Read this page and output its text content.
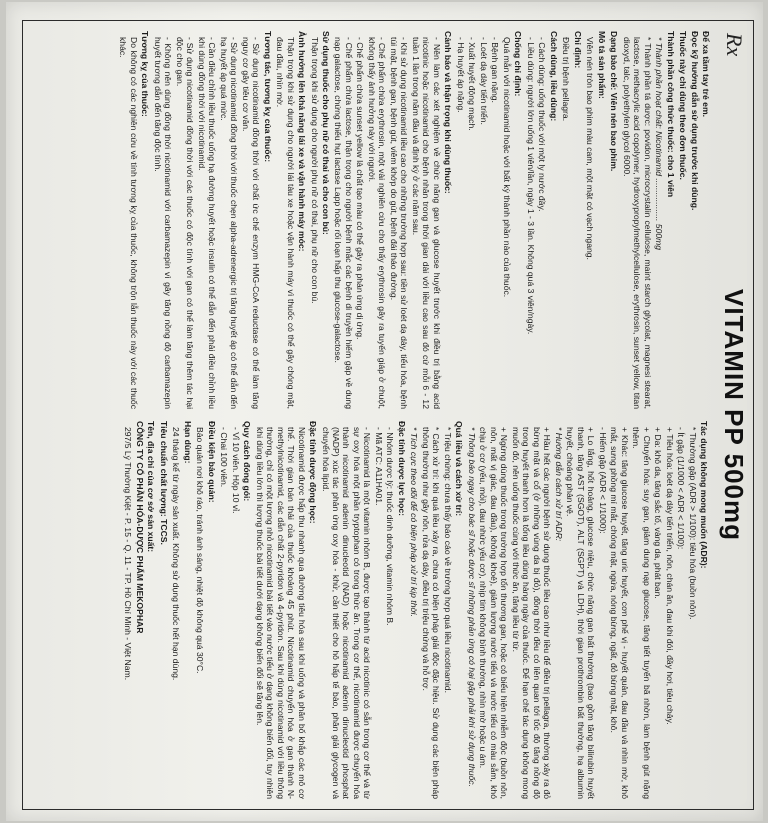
Rx
VITAMIN PP 500mg

Để xa tầm tay trẻ em.

Đọc kỹ hướng dẫn sử dụng trước khi dùng.

Thuốc này chỉ dùng theo đơn thuốc.

Thành phần công thức thuốc: cho 1 viên

* Thành phần hoạt chất: Nicotinamid .................. 500mg

* Thành phần tá dược: povidon, microcrystalin cellulose, maint starch glycolat, magnesi stearat, lactose, methacrylic acid copolymer, hydroxypropylmethylcellulose, erythrosin, sunset yellow, titan dioxyd, talc, polyethylen glycol 6000.

Dạng bào chế: Viên nén bao phim.

Mô tả sản phẩm:

Viên nén tròn bao phim màu cam, một mặt có vạch ngang.

Chỉ định:

Điều trị bệnh pellagra.

Cách dùng, liều dùng:

- Cách dùng: uống thuốc với một ly nước đầy.

- Liều dùng: người lớn uống 1 viên/lần, ngày 1 - 3 lần. Không quá 3 viên/ngày.

Chống chỉ định:

Quá mẫn với nicotinamid hoặc với bất kỳ thành phần nào của thuốc.

- Bệnh gan nặng.

- Loét dạ dày tiến triển.

- Xuất huyết động mạch.

- Hạ huyết áp nặng.

Cảnh báo và thận trọng khi dùng thuốc:

- Nên làm các xét nghiệm về chức năng gan và glucose huyết trước khi điều trị bằng acid nicotinic hoặc nicotinamid cho bệnh nhân trong thời gian dài với liều cao sau đó cứ mỗi 6 - 12 tuần 1 lần trong năm đầu và định kỳ ở các năm sau.

- Khi sử dụng nicotinamid liều cao cho những trường hợp sau: tiền sử loét dạ dày, tiểu hóa, bệnh túi mật, bệnh gan, bệnh gút, viêm khớp do gút, bệnh đái tháo đường.

- Chế phẩm chứa erythrosin, một vài nghiên cứu cho thấy erythrosin gây ra tuyến giáp ở chuột, không thấy ảnh hưởng này với người.

- Chế phẩm chứa sunset yellow là chất tạo màu có thể gây ra phản ứng dị ứng.

- Chế phẩm chứa lactose, thận trọng cho người bệnh mắc các bệnh di truyền hiếm gặp về dung nạp galactose, chứng thiếu hụt lactase Lapp hoặc rối loạn hấp thu glucose-galactose.

Sử dụng thuốc cho phụ nữ có thai và cho con bú:

Thận trọng khi sử dụng cho người phụ nữ có thai, phụ nữ cho con bú.

Ảnh hưởng lên khả năng lái xe và vận hành máy móc:

Thận trọng khi sử dụng cho người lái tàu xe hoặc vận hành máy vì thuốc có thể gây chóng mặt, đau đầu, nhìn mờ.

Tương tác, tương kỵ của thuốc:

- Sử dụng nicotinamid đồng thời với chất ức chế enzym HMG-CoA reductase có thể làm tăng nguy cơ gây tiêu cơ vân.

- Sử dụng nicotinamid đồng thời với thuốc chẹn alpha-adrenergic trị tăng huyết áp có thể dẫn đến hạ huyết áp quá mức.

- Cần điều chỉnh liều thuốc uống hạ đường huyết hoặc insulin có thể dẫn đến phải điều chỉnh liều khi dùng đồng thời với nicotinamid.

- Sử dụng nicotinamid đồng thời với các thuốc có độc tính với gan có thể làm tăng thêm tác hại độc cho gan.

- Không nên dùng đồng thời nicotinamid với carbamazepin vì gây tăng nồng độ carbamazepin huyết tương dẫn đến tăng độc tính.

Tương kỵ của thuốc:

Do không có các nghiên cứu về tính tương kỵ của thuốc, không trộn lẫn thuốc này với các thuốc khác.

Tác dụng không mong muốn (ADR):

* Thường gặp (ADR > 1/100): tiêu hóa (buồn nôn).

- Ít gặp (1/1000 < ADR < 1/100):

+ Tiêu hóa: loét dạ dày tiến triển, nôn, chán ăn, đau khi đói, đầy hơi, tiêu chảy.

+ Da: khô da, tăng sắc tố, vàng da, phát ban.

+ Chuyển hóa: suy gan, giảm dung nạp glucose, tăng tiết tuyến bã nhờn, làm bệnh gút nặng thêm.

+ Khác: tăng glucose huyết, tăng uric huyết, cơn phế vị - huyết quản, đau đầu và nhìn mờ, khô mắt, sưng phồng mí mắt, chóng mặt, ngứa, nóng bừng, ngất, đỏ bừng mặt, khô.

- Hiếm gặp (ADR < 1/1000):

+ Lo lắng, hốt hoảng, glucose niệu, chức năng gan bất thường (bao gồm tăng bilirubin huyết thanh, tăng AST (SGOT), ALT (SGPT) và LDH), thời gian prothrombin bất thường, hạ albumin huyết, choáng phản vệ.

* Hướng dẫn cách xử trí ADR:

+ Hầu hết các người bệnh sử dụng thuốc liều cao như liều để điều trị pellagra, thường xảy ra đỏ bừng mặt và cổ (ở những vùng da bị đỏ), đồng thời đều có liên quan tới tốc độ tăng nồng độ trong huyết thanh hơn là tổng liều dùng hàng ngày của thuốc. Để hạn chế tác dụng không mong muốn đó, nên uống thuốc cùng với thức ăn, tăng liều từ từ.

+ Ngừng dùng thuốc trong trường hợp tổn thương gan, hoặc có biểu hiện nhiễm độc (buồn nôn, nôn, mất vị giác, đau đầu), không khoẻ), giảm lượng nước tiểu và nước tiểu có màu sẫm, khó chịu ở cơ (yếu, mỏi), đau nhức yếu cơ), nhịp tim không bình thường, nhìn mờ hoặc u ám.

* Thông báo ngay cho bác sĩ hoặc dược sĩ những phản ứng có hại gặp phải khi sử dụng thuốc.

Quá liều và cách xử trí:

* Triệu chứng: chưa thấy báo cáo về trường hợp quá liều nicotinamid.

* Cách xử trí: khi quá liều xảy ra, chưa có biện pháp giải độc đặc hiệu. Sử dụng các biện pháp thông thường như gây nôn, rửa dạ dày, điều trị triệu chứng và hỗ trợ.

* Tích cực theo dõi để có biện pháp xử trí kịp thời.

Đặc tính dược lực học:

- Nhóm dược lý: thuốc dinh dưỡng, vitamin nhóm B.

- Mã ATC: A11HA01.

- Nicotinamid là một vitamin nhóm B, được tạo thành từ acid nicotinic có sẵn trong cơ thể và từ sự oxy hóa một phần tryptophan có trong thức ăn. Trong cơ thể, nicotinamid được chuyển hóa thành nicotinamid adenin dinucleotid (NAD) hoặc nicotinamid adenin dinucleotid phosphat (NADP) xúc tác phản ứng oxy hóa - khử, cần thiết cho hô hấp tế bào, phân giải glycogen và chuyển hóa lipid.

Đặc tính dược động học:

Nicotinamid được hấp thu nhanh qua đường tiêu hóa sau khi uống và phân bố khắp các mô cơ thể. Thời gian bán thải của thuốc khoảng 45 phút. Nicotinamid chuyển hóa ở gan thành N-methylnicotinamid, các dẫn chất 2-pyridon và 4-pyridon. Sau khi dùng nicotinamid với liều thông thường, chỉ có một lượng nhỏ nicotinamid bài tiết vào nước tiểu ở dạng không biến đổi, tuy nhiên khi dùng liều lớn thì lượng thuốc bài tiết dưới dạng không biến đổi sẽ tăng lên.

Quy cách đóng gói:

- Vỉ 10 viên. Hộp 10 vỉ.

- Chai 100 viên.

Điều kiện bảo quản:

Bảo quản nơi khô ráo, tránh ánh sáng, nhiệt độ không quá 30°C.

Hạn dùng:

24 tháng kể từ ngày sản xuất. Không sử dụng thuốc hết hạn dùng.

Tiêu chuẩn chất lượng: TCCS.

Tên, địa chỉ của cơ sở sản xuất:

CÔNG TY CỔ PHẦN HÓA-DƯỢC PHẨM MEKOPHAR

297/5 Lý Thường Kiệt - P. 15 - Q. 11 - TP. Hồ Chí Minh - Việt Nam.
